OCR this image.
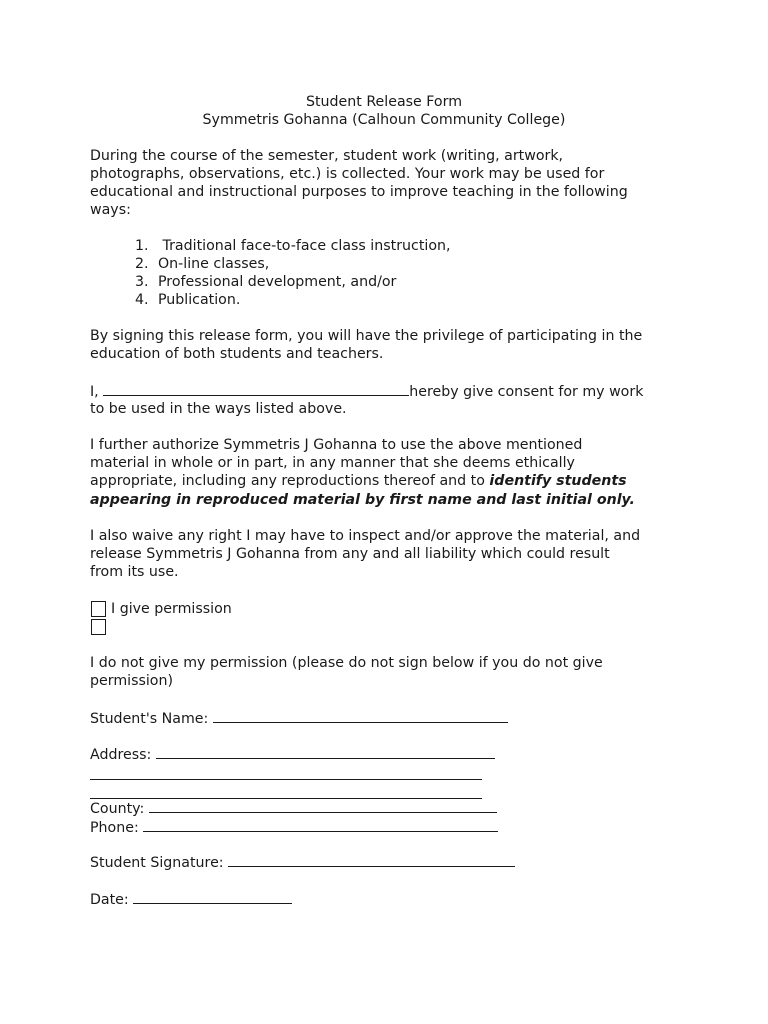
Student Release Form
Symmetris Gohanna (Calhoun Community College)
During the course of the semester, student work (writing, artwork,
photographs, observations, etc.) is collected. Your work may be used for
educational and instructional purposes to improve teaching in the following
ways:
1. Traditional face-to-face class instruction,
2. On-line classes,
3. Professional development, and/or
4. Publication.
By signing this release form, you will have the privilege of participating in the
education of both students and teachers.
I,	hereby give consent for my work
to be used in the ways listed above.
I further authorize Symmetris J Gohanna to use the above mentioned
material in whole or in part, in any manner that she deems ethically
appropriate, including any reproductions thereof and to identify students
appearing in reproduced material by first name and last initial only.
I also waive any right I may have to inspect and/or approve the material, and
release Symmetris J Gohanna from any and all liability which could result
from its use.
I give permission
I do not give my permission (please do not sign below if you do not give
permission)
Student's Name:
Address:
County:
Phone:
Student Signature:
Date:
